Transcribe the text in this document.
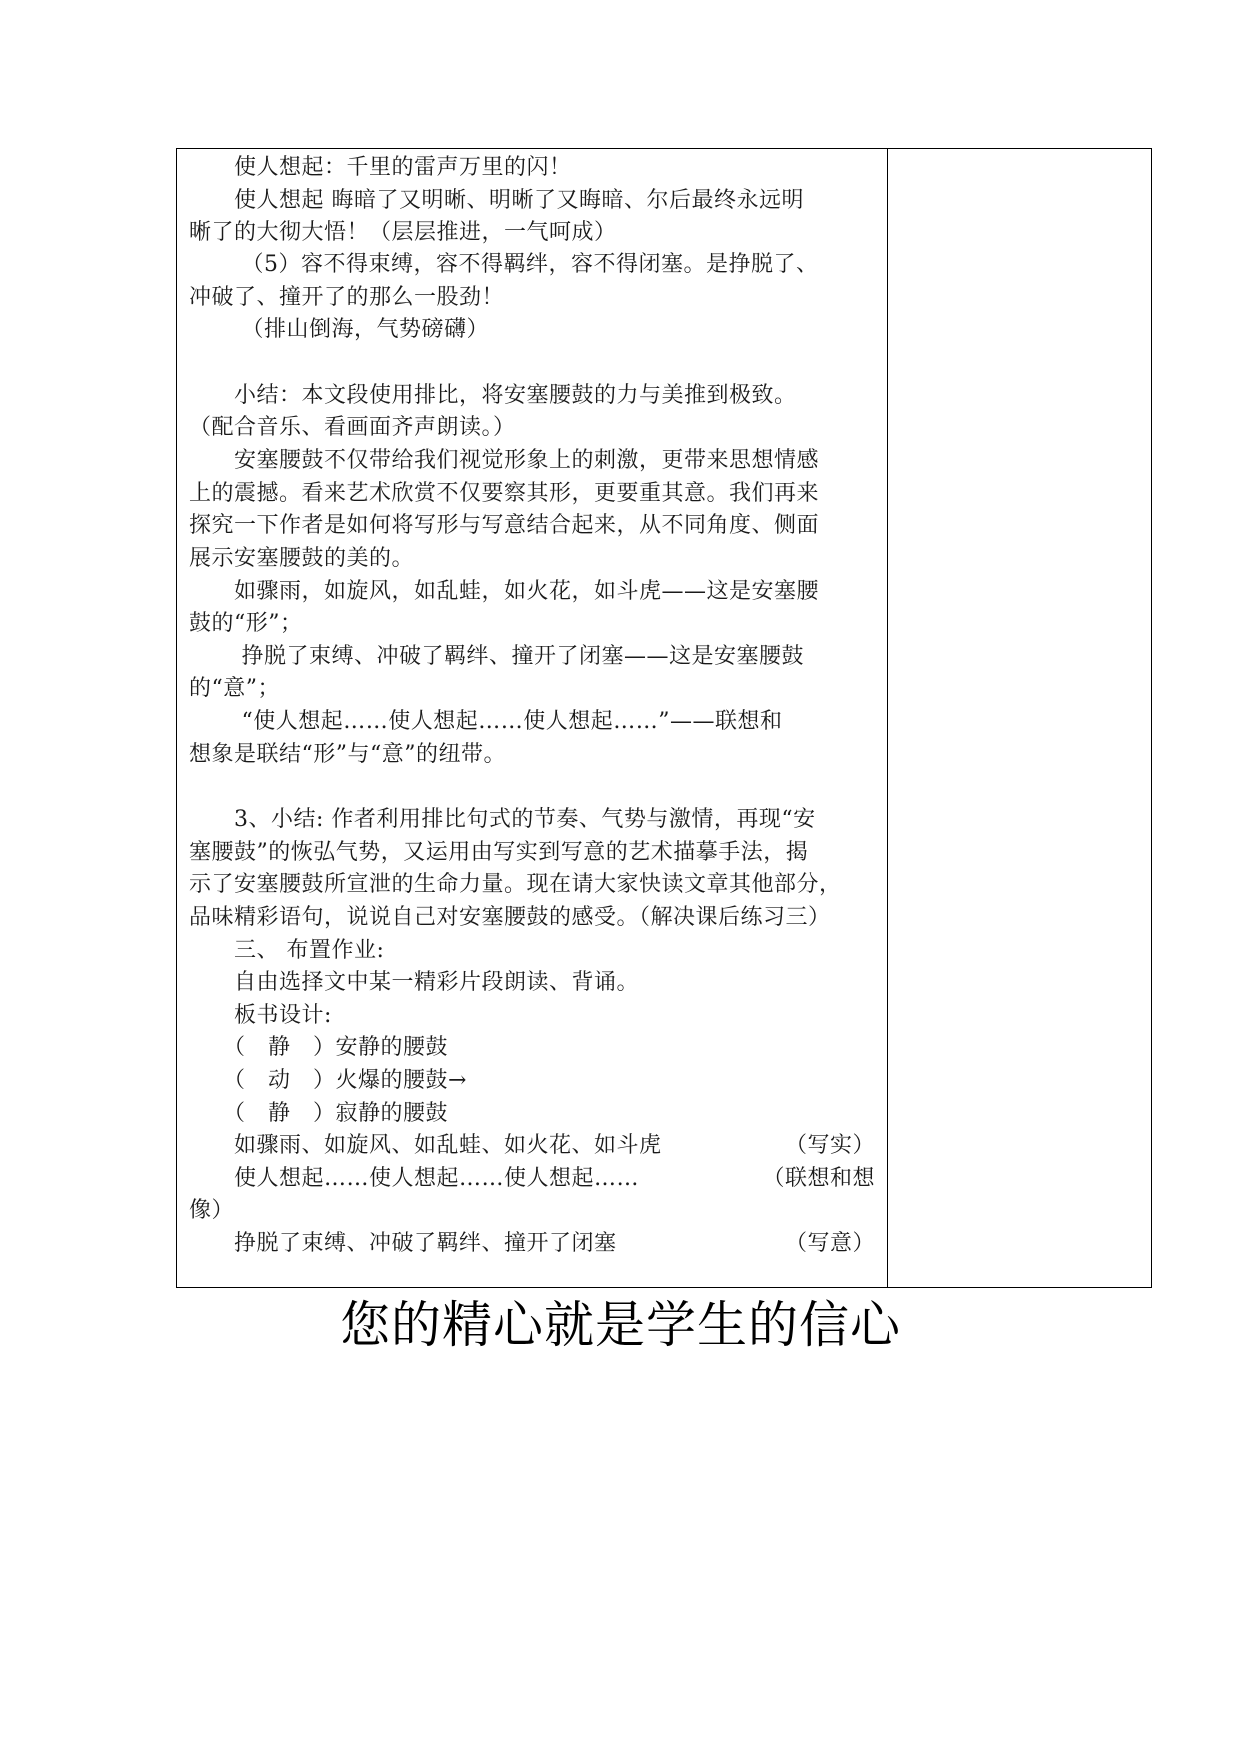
　　使人想起：千里的雷声万里的闪！
　　使人想起 晦暗了又明晰、明晰了又晦暗、尔后最终永远明
晰了的大彻大悟！（层层推进，一气呵成）
　　 （5）容不得束缚，容不得羁绊，容不得闭塞。是挣脱了、
冲破了、撞开了的那么一股劲！
　　 （排山倒海，气势磅礴）
　　小结：本文段使用排比，将安塞腰鼓的力与美推到极致。
（配合音乐、看画面齐声朗读。）
　　安塞腰鼓不仅带给我们视觉形象上的刺激，更带来思想情感
上的震撼。看来艺术欣赏不仅要察其形，更要重其意。我们再来
探究一下作者是如何将写形与写意结合起来，从不同角度、侧面
展示安塞腰鼓的美的。
　　如骤雨，如旋风，如乱蛙，如火花，如斗虎——这是安塞腰
鼓的“形”；
　　 挣脱了束缚、冲破了羁绊、撞开了闭塞——这是安塞腰鼓
的“意”；
　　 “使人想起……使人想起……使人想起……”——联想和
想象是联结“形”与“意”的纽带。
　　3、小结: 作者利用排比句式的节奏、气势与激情，再现“安
塞腰鼓”的恢弘气势，又运用由写实到写意的艺术描摹手法，揭
示了安塞腰鼓所宣泄的生命力量。现在请大家快读文章其他部分，
品味精彩语句，说说自己对安塞腰鼓的感受。（解决课后练习三）
　　三、 布置作业:
　　自由选择文中某一精彩片段朗读、背诵。
　　板书设计:
　　（　静　）安静的腰鼓
　　（　动　）火爆的腰鼓→
　　（　静　）寂静的腰鼓
　　如骤雨、如旋风、如乱蛙、如火花、如斗虎	（写实）
　　使人想起……使人想起……使人想起……	（联想和想
像）
　　挣脱了束缚、冲破了羁绊、撞开了闭塞	（写意）
您的精心就是学生的信心
